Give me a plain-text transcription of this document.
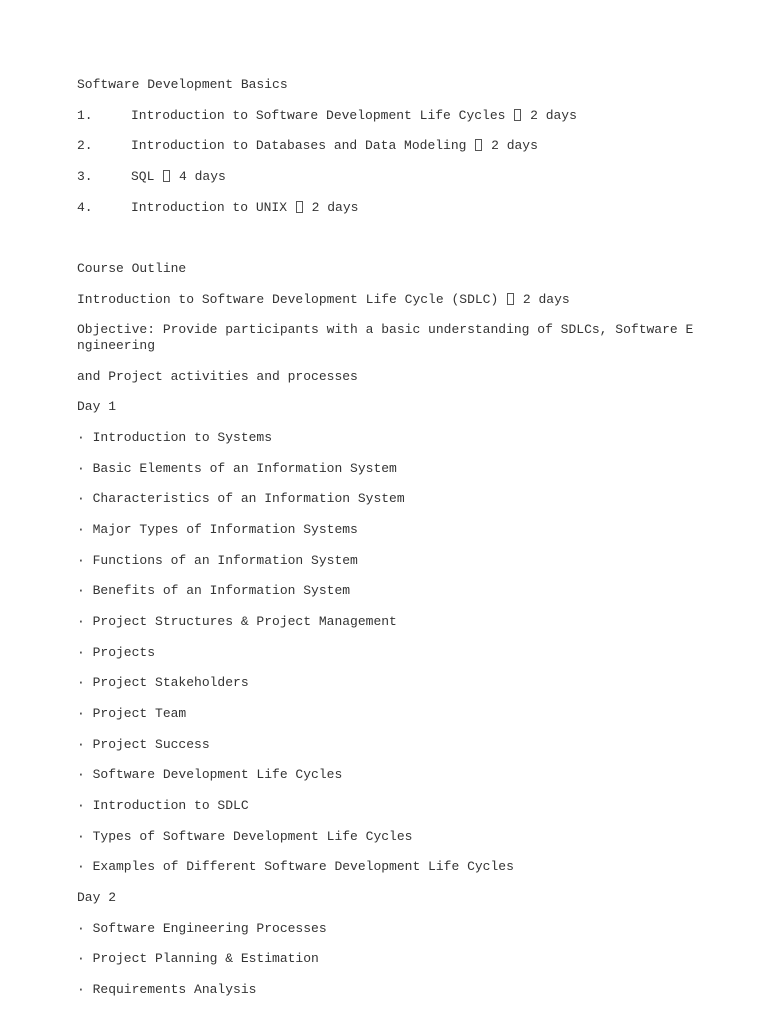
Software Development Basics
1.	Introduction to Software Development Life Cycles 2 days
2.	Introduction to Databases and Data Modeling 2 days
3.	SQL 4 days
4.	Introduction to UNIX 2 days
Course Outline
Introduction to Software Development Life Cycle (SDLC) 2 days
Objective: Provide participants with a basic understanding of SDLCs, Software Engineering
and Project activities and processes
Day 1
· Introduction to Systems
· Basic Elements of an Information System
· Characteristics of an Information System
· Major Types of Information Systems
· Functions of an Information System
· Benefits of an Information System
· Project Structures & Project Management
· Projects
· Project Stakeholders
· Project Team
· Project Success
· Software Development Life Cycles
· Introduction to SDLC
· Types of Software Development Life Cycles
· Examples of Different Software Development Life Cycles
Day 2
· Software Engineering Processes
· Project Planning & Estimation
· Requirements Analysis
